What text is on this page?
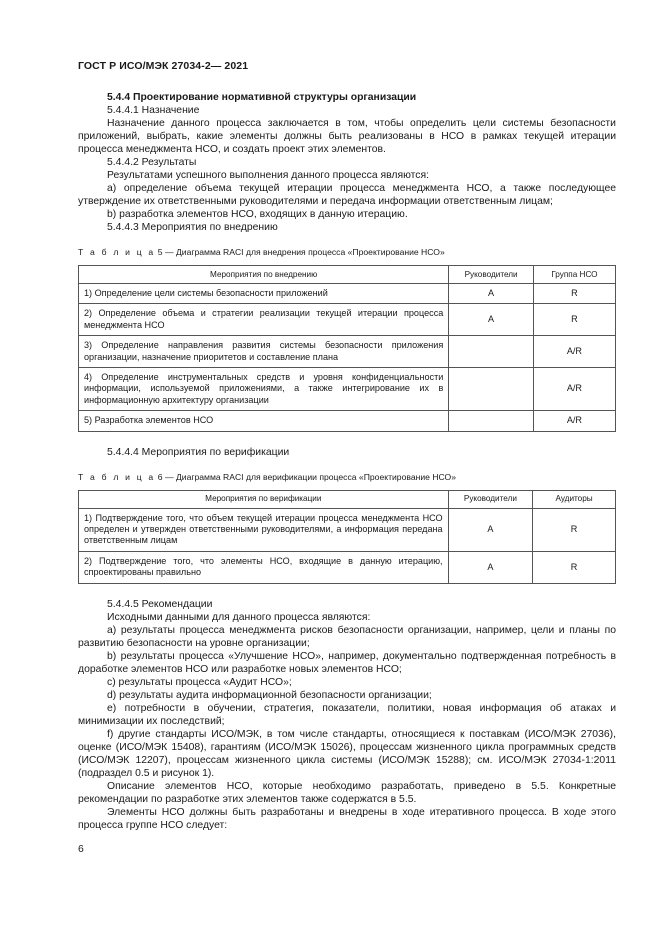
ГОСТ Р ИСО/МЭК 27034-2— 2021

5.4.4 Проектирование нормативной структуры организации

5.4.4.1 Назначение

Назначение данного процесса заключается в том, чтобы определить цели системы безопасности приложений, выбрать, какие элементы должны быть реализованы в НСО в рамках текущей итерации процесса менеджмента НСО, и создать проект этих элементов.

5.4.4.2 Результаты

Результатами успешного выполнения данного процесса являются:

а) определение объема текущей итерации процесса менеджмента НСО, а также последующее утверждение их ответственными руководителями и передача информации ответственным лицам;

b) разработка элементов НСО, входящих в данную итерацию.

5.4.4.3 Мероприятия по внедрению

Т а б л и ц а 5 — Диаграмма RACI для внедрения процесса «Проектирование НСО»

Мероприятия по внедрению	Руководители	Группа НСО
1) Определение цели системы безопасности приложений	A	R
2) Определение объема и стратегии реализации текущей итерации процесса менеджмента НСО	A	R
3) Определение направления развития системы безопасности приложения организации, назначение приоритетов и составление плана		A/R
4) Определение инструментальных средств и уровня конфиденциальности информации, используемой приложениями, а также интегрирование их в информационную архитектуру организации		A/R
5) Разработка элементов НСО		A/R

5.4.4.4 Мероприятия по верификации

Т а б л и ц а 6 — Диаграмма RACI для верификации процесса «Проектирование НСО»

Мероприятия по верификации	Руководители	Аудиторы
1) Подтверждение того, что объем текущей итерации процесса менеджмента НСО определен и утвержден ответственными руководителями, а информация передана ответственным лицам	A	R
2) Подтверждение того, что элементы НСО, входящие в данную итерацию, спроектированы правильно	A	R

5.4.4.5 Рекомендации

Исходными данными для данного процесса являются:

а) результаты процесса менеджмента рисков безопасности организации, например, цели и планы по развитию безопасности на уровне организации;

b) результаты процесса «Улучшение НСО», например, документально подтвержденная потребность в доработке элементов НСО или разработке новых элементов НСО;

с) результаты процесса «Аудит НСО»;

d) результаты аудита информационной безопасности организации;

е) потребности в обучении, стратегия, показатели, политики, новая информация об атаках и минимизации их последствий;

f) другие стандарты ИСО/МЭК, в том числе стандарты, относящиеся к поставкам (ИСО/МЭК 27036), оценке (ИСО/МЭК 15408), гарантиям (ИСО/МЭК 15026), процессам жизненного цикла программных средств (ИСО/МЭК 12207), процессам жизненного цикла системы (ИСО/МЭК 15288); см. ИСО/МЭК 27034-1:2011 (подраздел 0.5 и рисунок 1).

Описание элементов НСО, которые необходимо разработать, приведено в 5.5. Конкретные рекомендации по разработке этих элементов также содержатся в 5.5.

Элементы НСО должны быть разработаны и внедрены в ходе итеративного процесса. В ходе этого процесса группе НСО следует:

6
